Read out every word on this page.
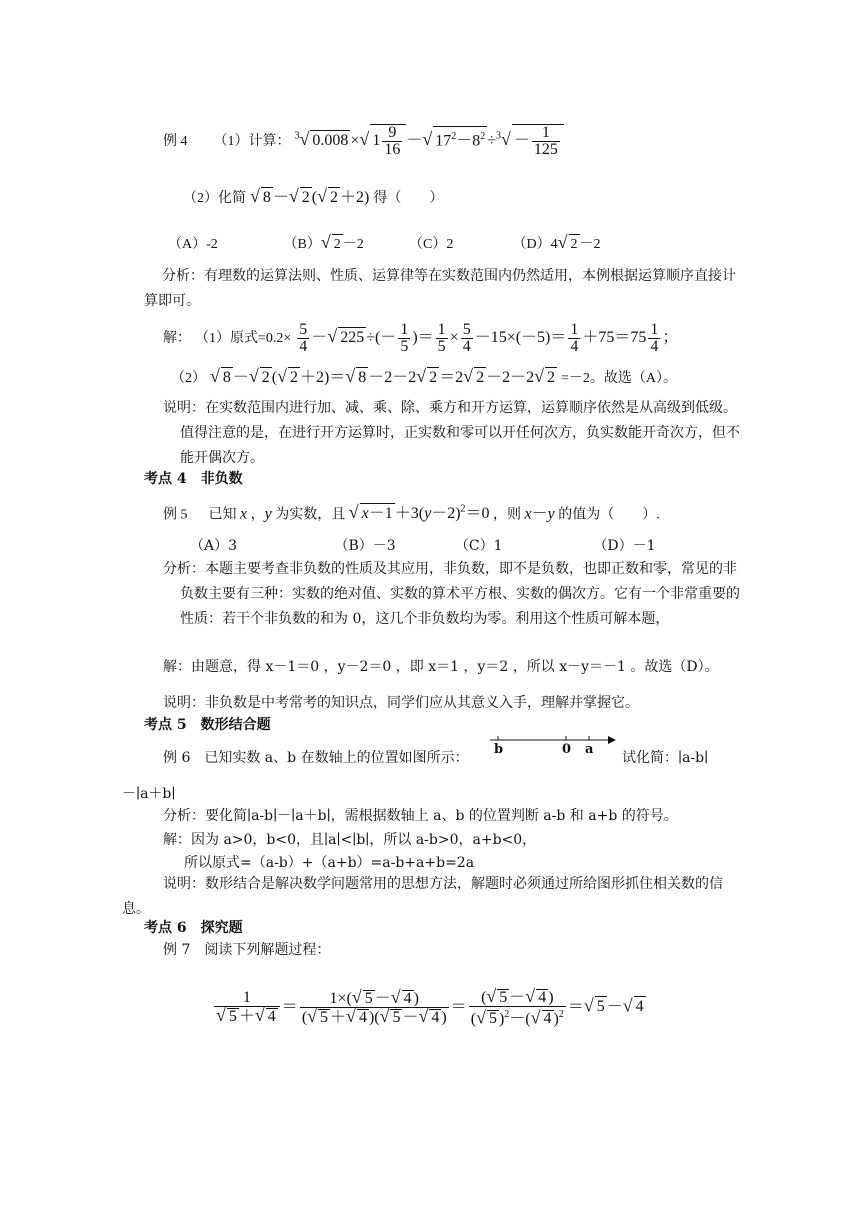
例 4 （1）计算： $^3$√ 0.008 ×√ $1 \frac{9}{16}$ －√ $17^2-8^2 \div^3√ - \frac{1}{125}$
（2）化简 √ 8 －√ 2 (√ 2 ＋2) 得（　　）
（A）-2	（B）√ 2 －2	（C）2	（D）4√ 2 －2
分析：有理数的运算法则、性质、运算律等在实数范围内仍然适用，本例根据运算顺序直接计算即可。
解： （1）原式$=0.2\times \frac{5}{4}$ －√ 225 ÷(－ $\frac{1}{5}$ )＝ $\frac{1}{5} \times \frac{5}{4} -15\times(-5)= \frac{1}{4} +75=75 \frac{1}{4}$ ；
（2） √ 8 －√ 2 (√ 2 ＋2)＝√ 8 －2－2√ 2 ＝2√ 2 －2－2√ 2 =－2。故选（A）。
说明：在实数范围内进行加、减、乘、除、乘方和开方运算，运算顺序依然是从高级到低级。值得注意的是，在进行开方运算时，正实数和零可以开任何次方，负实数能开奇次方，但不能开偶次方。
考点 4　非负数
例 5 已知 x ，y 为实数，且 √ $x-1 +3(y-2)^2=0$ ，则 x－y 的值为（　　）.
（A）3	（B）－3	（C）1	（D）－1
分析：本题主要考查非负数的性质及其应用，非负数，即不是负数，也即正数和零，常见的非负数主要有三种：实数的绝对值、实数的算术平方根、实数的偶次方。它有一个非常重要的性质：若干个非负数的和为 0，这几个非负数均为零。利用这个性质可解本题，
解：由题意，得 x－1＝0 ，y－2＝0 ，即 x＝1 ，y＝2 ，所以 x－y＝－1 。故选（D）。
说明：非负数是中考常考的知识点，同学们应从其意义入手，理解并掌握它。
考点 5　数形结合题
例 6　已知实数 a、b 在数轴上的位置如图所示：
b	0 a
试化简：∣a-b∣
－∣a＋b∣
分析：要化简∣a-b∣－∣a＋b∣，需根据数轴上 a、b 的位置判断 a-b 和 a+b 的符号。
解：因为 a>0，b<0，且∣a∣<∣b∣，所以 a-b>0，a+b<0，
所以原式=（a-b）+（a+b）=a-b+a+b=2a
说明：数形结合是解决数学问题常用的思想方法，解题时必须通过所给图形抓住相关数的信息。
考点 6　探究题
例 7　阅读下列解题过程：
$\frac{1}{√ 5 +√ 4} = \frac{1\times(√ 5 -√ 4 )}{(√ 5 +√ 4 )(√ 5 -√ 4 )} = \frac{(√ 5 -√ 4 )}{(√ 5 )^2-(√ 4 )^2}$ ＝√ 5 －√ 4
